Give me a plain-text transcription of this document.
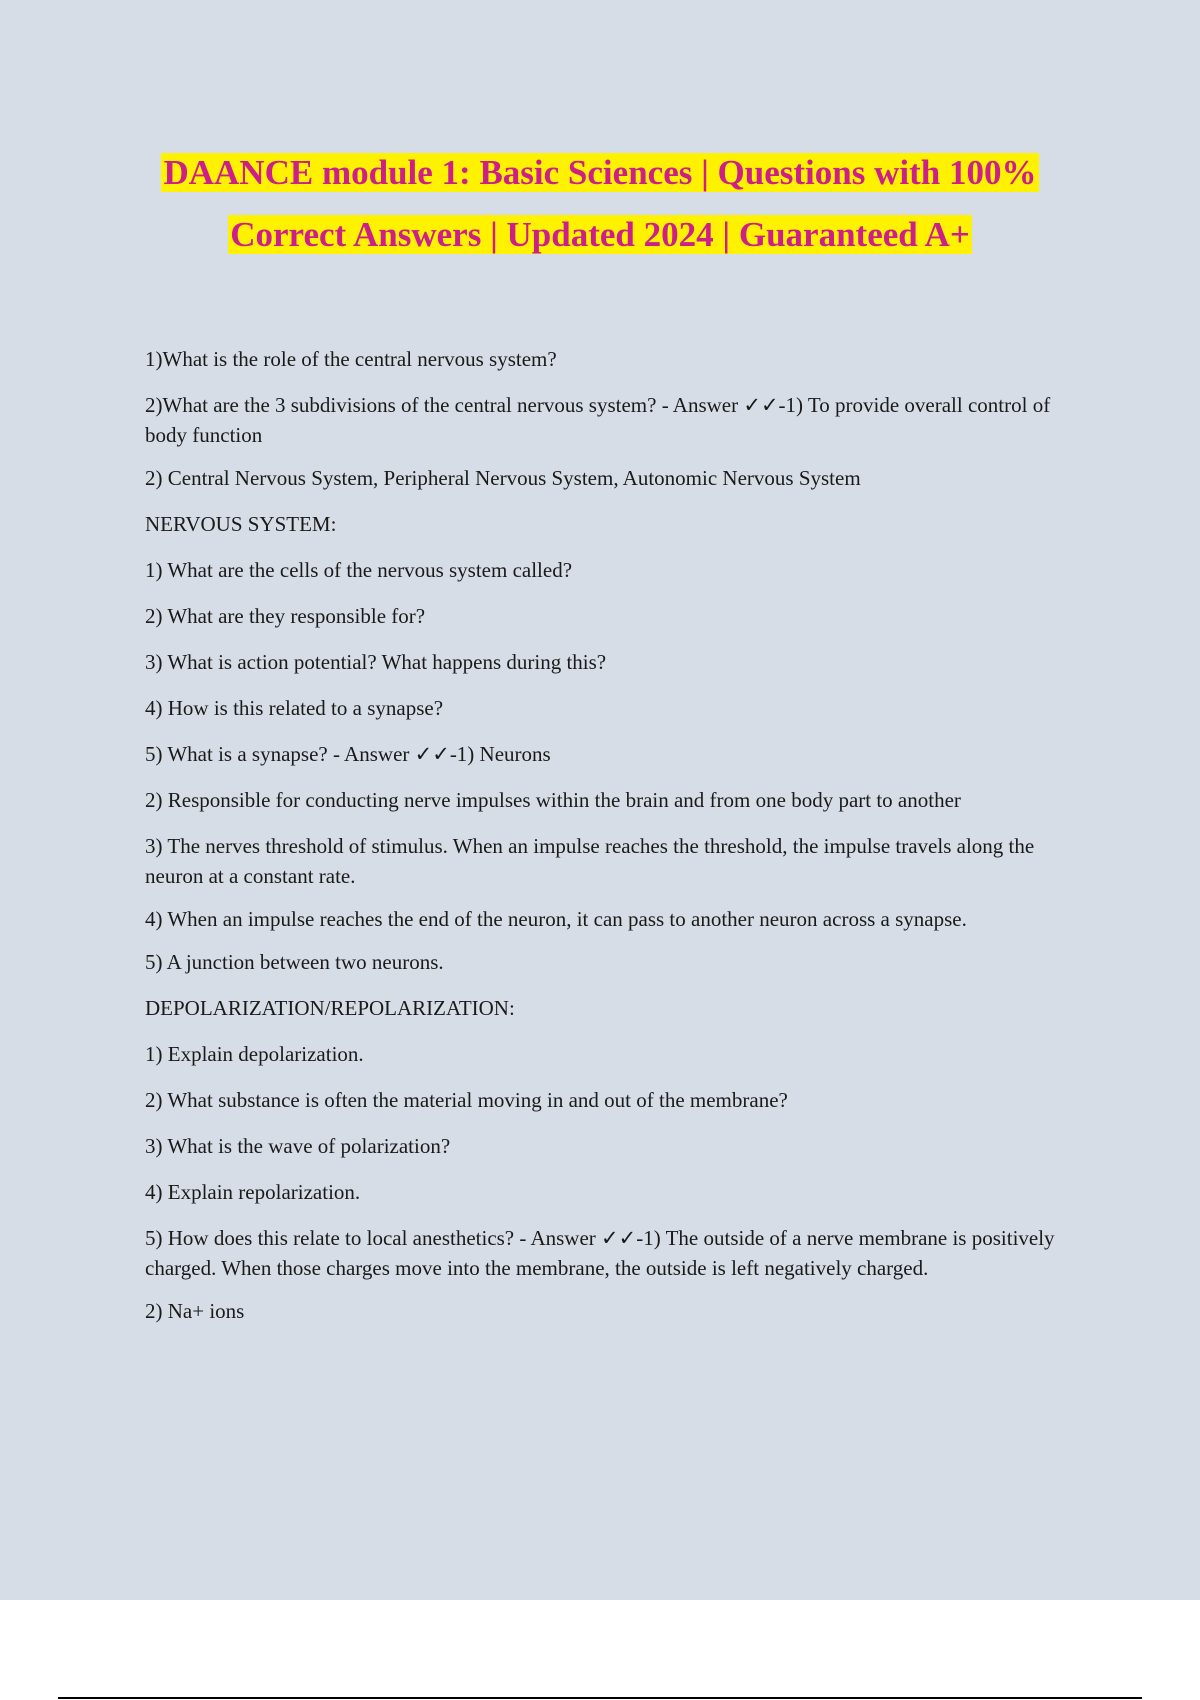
DAANCE module 1: Basic Sciences | Questions with 100%
Correct Answers | Updated 2024 | Guaranteed A+

1)What is the role of the central nervous system?

2)What are the 3 subdivisions of the central nervous system? - Answer ✓✓-1) To provide overall control of body function

2) Central Nervous System, Peripheral Nervous System, Autonomic Nervous System

NERVOUS SYSTEM:

1) What are the cells of the nervous system called?

2) What are they responsible for?

3) What is action potential? What happens during this?

4) How is this related to a synapse?

5) What is a synapse? - Answer ✓✓-1) Neurons

2) Responsible for conducting nerve impulses within the brain and from one body part to another

3) The nerves threshold of stimulus. When an impulse reaches the threshold, the impulse travels along the neuron at a constant rate.

4) When an impulse reaches the end of the neuron, it can pass to another neuron across a synapse.

5) A junction between two neurons.

DEPOLARIZATION/REPOLARIZATION:

1) Explain depolarization.

2) What substance is often the material moving in and out of the membrane?

3) What is the wave of polarization?

4) Explain repolarization.

5) How does this relate to local anesthetics? - Answer ✓✓-1) The outside of a nerve membrane is positively charged. When those charges move into the membrane, the outside is left negatively charged.

2) Na+ ions
